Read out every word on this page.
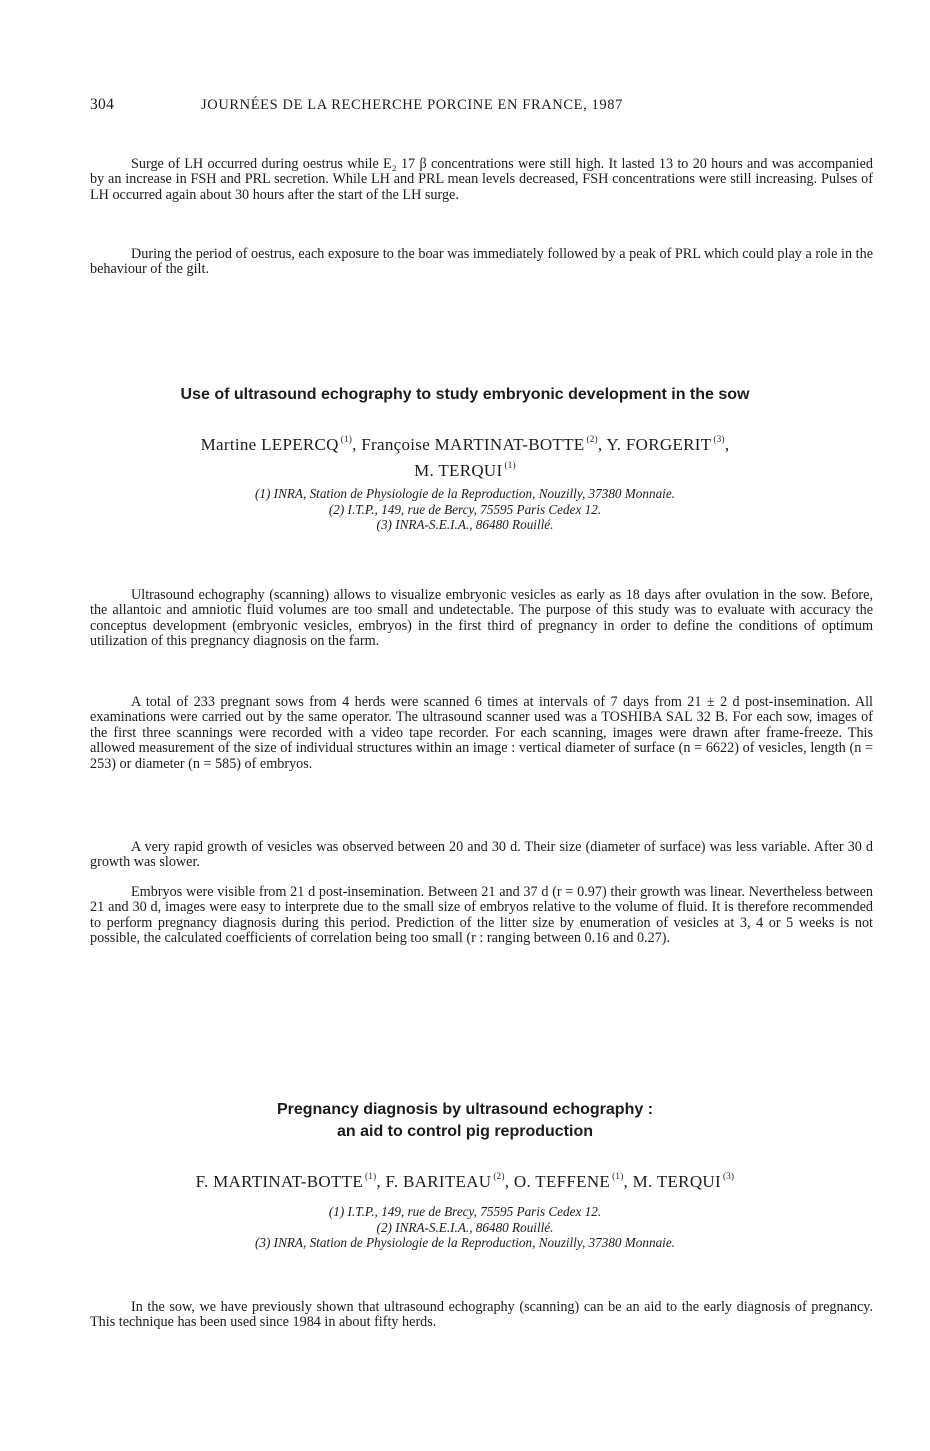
304	JOURNÉES DE LA RECHERCHE PORCINE EN FRANCE, 1987

Surge of LH occurred during oestrus while E₂ 17 β concentrations were still high. It lasted 13 to 20 hours and was accompanied by an increase in FSH and PRL secretion. While LH and PRL mean levels decreased, FSH concentrations were still increasing. Pulses of LH occurred again about 30 hours after the start of the LH surge.

During the period of oestrus, each exposure to the boar was immediately followed by a peak of PRL which could play a role in the behaviour of the gilt.

Use of ultrasound echography to study embryonic development in the sow
Martine LEPERCQ $^{(1)}$, Françoise MARTINAT-BOTTE $^{(2)}$, Y. FORGERIT $^{(3)}$,
M. TERQUI $^{(1)}$
(1) INRA, Station de Physiologie de la Reproduction, Nouzilly, 37380 Monnaie.
(2) I.T.P., 149, rue de Bercy, 75595 Paris Cedex 12.
(3) INRA-S.E.I.A., 86480 Rouillé.

Ultrasound echography (scanning) allows to visualize embryonic vesicles as early as 18 days after ovulation in the sow. Before, the allantoic and amniotic fluid volumes are too small and undetectable. The purpose of this study was to evaluate with accuracy the conceptus development (embryonic vesicles, embryos) in the first third of pregnancy in order to define the conditions of optimum utilization of this pregnancy diagnosis on the farm.

A total of 233 pregnant sows from 4 herds were scanned 6 times at intervals of 7 days from 21 ± 2 d post-insemination. All examinations were carried out by the same operator. The ultrasound scanner used was a TOSHIBA SAL 32 B. For each sow, images of the first three scannings were recorded with a video tape recorder. For each scanning, images were drawn after frame-freeze. This allowed measurement of the size of individual structures within an image : vertical diameter of surface (n = 6622) of vesicles, length (n = 253) or diameter (n = 585) of embryos.

A very rapid growth of vesicles was observed between 20 and 30 d. Their size (diameter of surface) was less variable. After 30 d growth was slower.

Embryos were visible from 21 d post-insemination. Between 21 and 37 d (r = 0.97) their growth was linear. Nevertheless between 21 and 30 d, images were easy to interprete due to the small size of embryos relative to the volume of fluid. It is therefore recommended to perform pregnancy diagnosis during this period. Prediction of the litter size by enumeration of vesicles at 3, 4 or 5 weeks is not possible, the calculated coefficients of correlation being too small (r : ranging between 0.16 and 0.27).

Pregnancy diagnosis by ultrasound echography :
an aid to control pig reproduction
F. MARTINAT-BOTTE $^{(1)}$, F. BARITEAU $^{(2)}$, O. TEFFENE $^{(1)}$, M. TERQUI $^{(3)}$
(1) I.T.P., 149, rue de Brecy, 75595 Paris Cedex 12.
(2) INRA-S.E.I.A., 86480 Rouillé.
(3) INRA, Station de Physiologie de la Reproduction, Nouzilly, 37380 Monnaie.

In the sow, we have previously shown that ultrasound echography (scanning) can be an aid to the early diagnosis of pregnancy. This technique has been used since 1984 in about fifty herds.
